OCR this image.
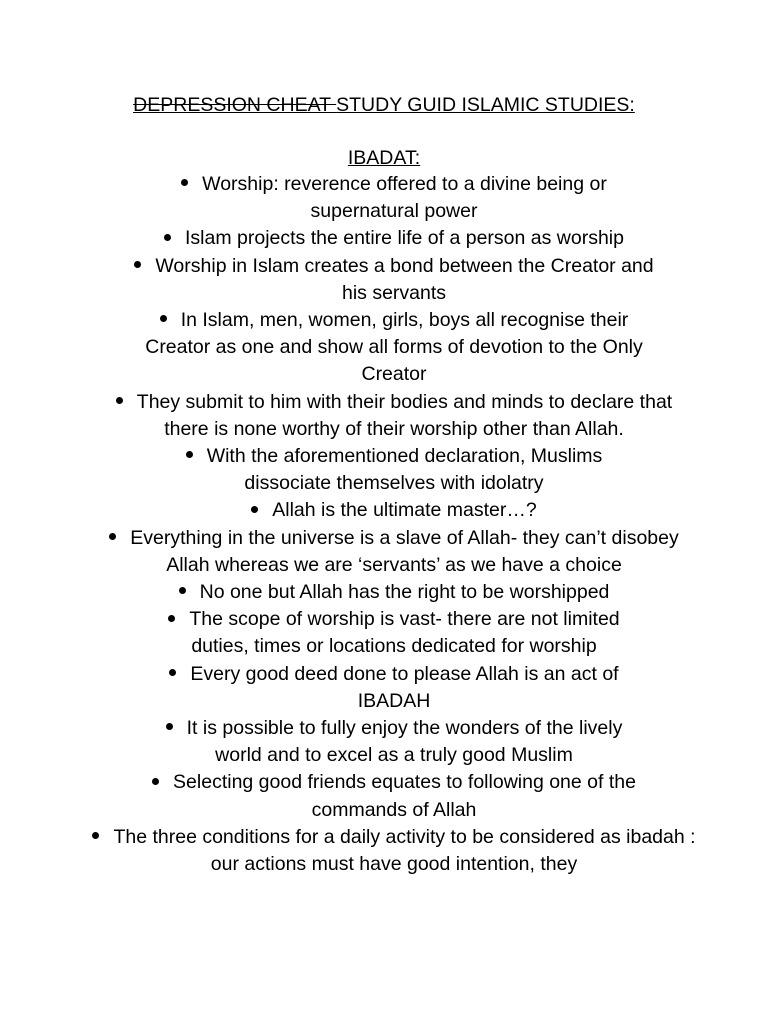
DEPRESSION CHEAT STUDY GUID ISLAMIC STUDIES:
IBADAT:
Worship: reverence offered to a divine being or supernatural power
Islam projects the entire life of a person as worship
Worship in Islam creates a bond between the Creator and his servants
In Islam, men, women, girls, boys all recognise their Creator as one and show all forms of devotion to the Only Creator
They submit to him with their bodies and minds to declare that there is none worthy of their worship other than Allah.
With the aforementioned declaration, Muslims dissociate themselves with idolatry
Allah is the ultimate master…?
Everything in the universe is a slave of Allah- they can’t disobey Allah whereas we are ‘servants’ as we have a choice
No one but Allah has the right to be worshipped
The scope of worship is vast- there are not limited duties, times or locations dedicated for worship
Every good deed done to please Allah is an act of IBADAH
It is possible to fully enjoy the wonders of the lively world and to excel as a truly good Muslim
Selecting good friends equates to following one of the commands of Allah
The three conditions for a daily activity to be considered as ibadah : our actions must have good intention, they
